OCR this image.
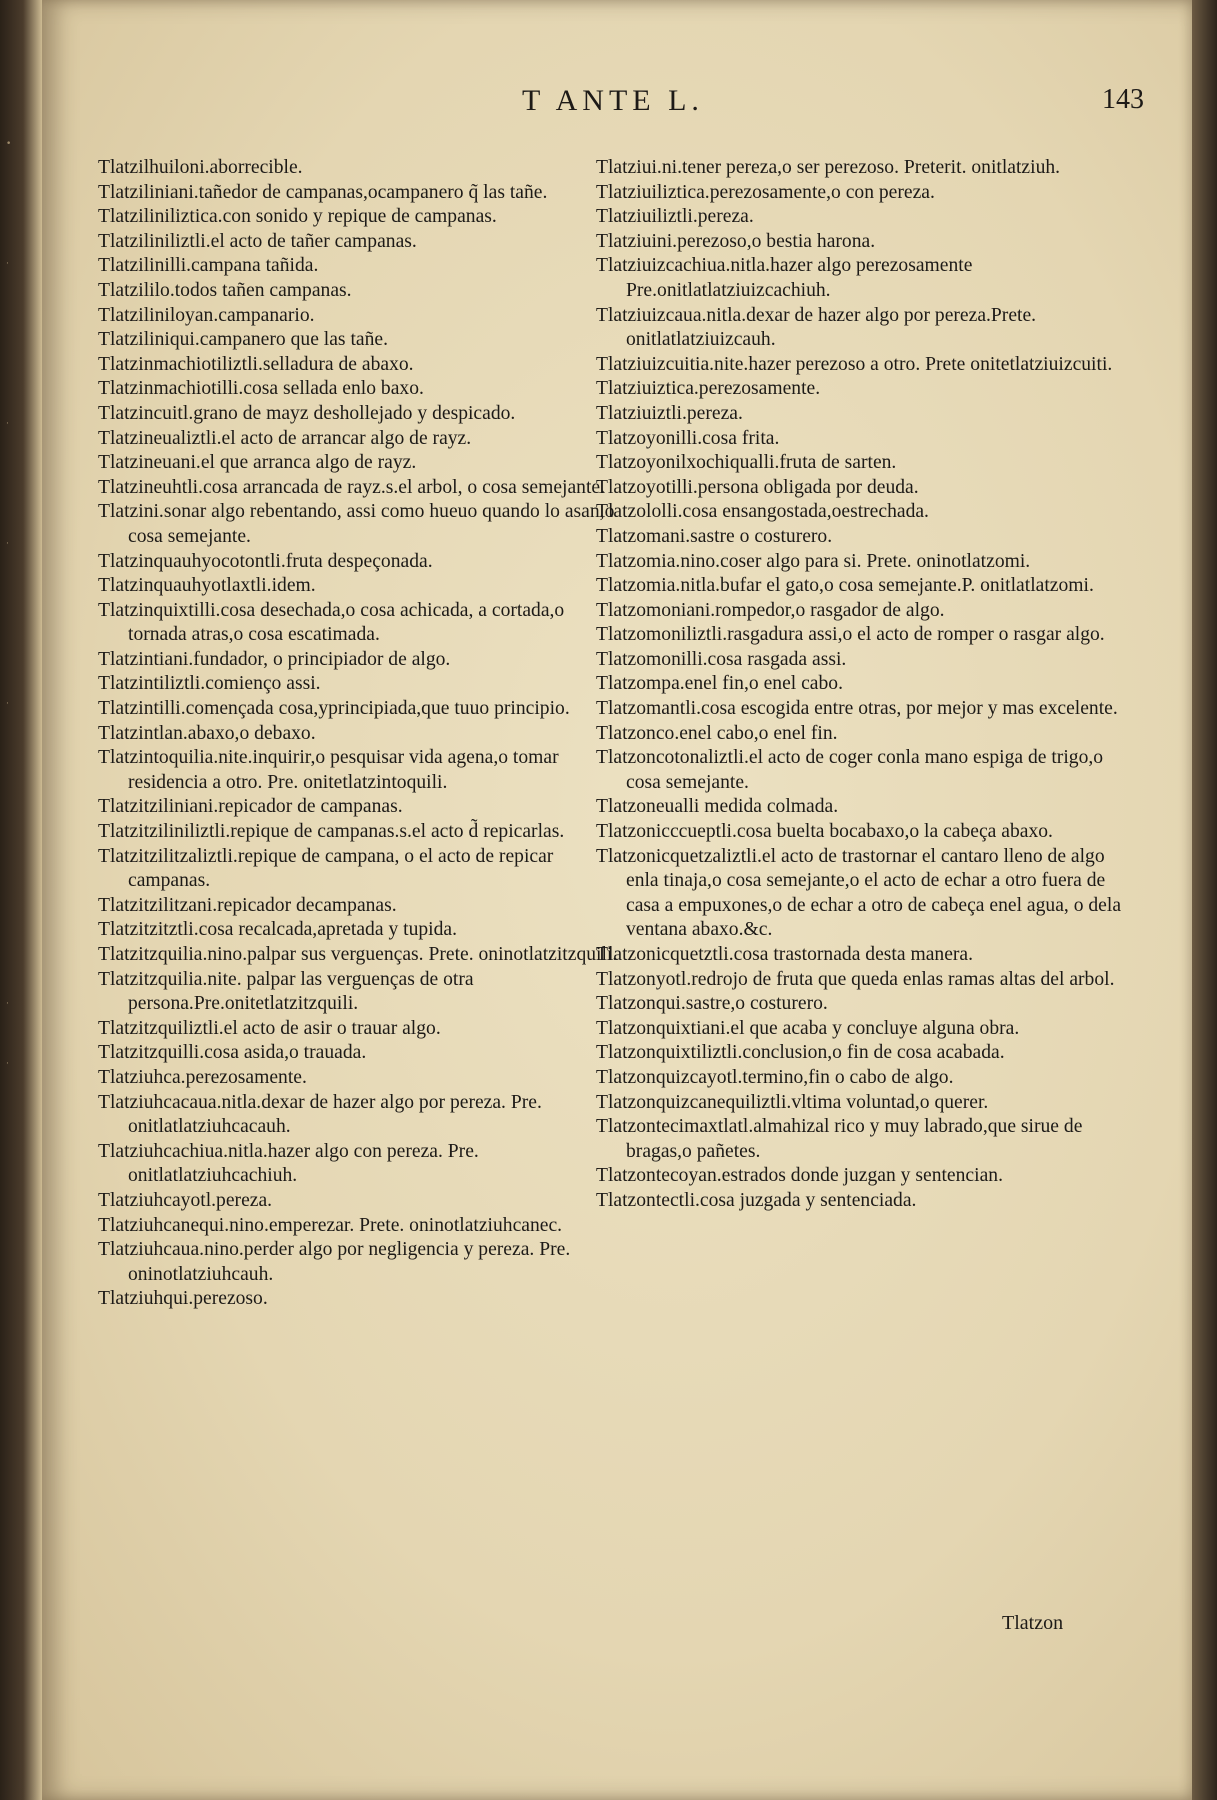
•
·
·
·
·
·
·
T ANTE L.	143

Tlatzilhuiloni.aborrecible.

Tlatziliniani.tañedor de campanas,ocampanero q̃ las tañe.

Tlatziliniliztica.con sonido y repique de campanas.

Tlatziliniliztli.el acto de tañer campanas.

Tlatzilinilli.campana tañida.

Tlatzililo.todos tañen campanas.

Tlatziliniloyan.campanario.

Tlatziliniqui.campanero que las tañe.

Tlatzinmachiotiliztli.selladura de abaxo.

Tlatzinmachiotilli.cosa sellada enlo baxo.

Tlatzincuitl.grano de mayz deshollejado y despicado.

Tlatzineualiztli.el acto de arrancar algo de rayz.

Tlatzineuani.el que arranca algo de rayz.

Tlatzineuhtli.cosa arrancada de rayz.s.el arbol, o cosa semejante.

Tlatzini.sonar algo rebentando, assi como hueuo quando lo asan,o cosa semejante.

Tlatzinquauhyocotontli.fruta despeçonada.

Tlatzinquauhyotlaxtli.idem.

Tlatzinquixtilli.cosa desechada,o cosa achicada, a cortada,o tornada atras,o cosa escatimada.

Tlatzintiani.fundador, o principiador de algo.

Tlatzintiliztli.comienço assi.

Tlatzintilli.començada cosa,yprincipiada,que tuuo principio.

Tlatzintlan.abaxo,o debaxo.

Tlatzintoquilia.nite.inquirir,o pesquisar vida agena,o tomar residencia a otro. Pre. onitetlatzintoquili.

Tlatzitziliniani.repicador de campanas.

Tlatzitziliniliztli.repique de campanas.s.el acto d̃ repicarlas.

Tlatzitzilitzaliztli.repique de campana, o el acto de repicar campanas.

Tlatzitzilitzani.repicador decampanas.

Tlatzitzitztli.cosa recalcada,apretada y tupida.

Tlatzitzquilia.nino.palpar sus verguenças. Prete. oninotlatzitzquili.

Tlatzitzquilia.nite. palpar las verguenças de otra persona.Pre.onitetlatzitzquili.

Tlatzitzquiliztli.el acto de asir o trauar algo.

Tlatzitzquilli.cosa asida,o trauada.

Tlatziuhca.perezosamente.

Tlatziuhcacaua.nitla.dexar de hazer algo por pereza. Pre. onitlatlatziuhcacauh.

Tlatziuhcachiua.nitla.hazer algo con pereza. Pre. onitlatlatziuhcachiuh.

Tlatziuhcayotl.pereza.

Tlatziuhcanequi.nino.emperezar. Prete. oninotlatziuhcanec.

Tlatziuhcaua.nino.perder algo por negligencia y pereza. Pre. oninotlatziuhcauh.

Tlatziuhqui.perezoso.

Tlatziui.ni.tener pereza,o ser perezoso. Preterit. onitlatziuh.

Tlatziuiliztica.perezosamente,o con pereza.

Tlatziuiliztli.pereza.

Tlatziuini.perezoso,o bestia harona.

Tlatziuizcachiua.nitla.hazer algo perezosamente Pre.onitlatlatziuizcachiuh.

Tlatziuizcaua.nitla.dexar de hazer algo por pereza.Prete. onitlatlatziuizcauh.

Tlatziuizcuitia.nite.hazer perezoso a otro. Prete onitetlatziuizcuiti.

Tlatziuiztica.perezosamente.

Tlatziuiztli.pereza.

Tlatzoyonilli.cosa frita.

Tlatzoyonilxochiqualli.fruta de sarten.

Tlatzoyotilli.persona obligada por deuda.

Tlatzololli.cosa ensangostada,oestrechada.

Tlatzomani.sastre o costurero.

Tlatzomia.nino.coser algo para si. Prete. oninotlatzomi.

Tlatzomia.nitla.bufar el gato,o cosa semejante.P. onitlatlatzomi.

Tlatzomoniani.rompedor,o rasgador de algo.

Tlatzomoniliztli.rasgadura assi,o el acto de romper o rasgar algo.

Tlatzomonilli.cosa rasgada assi.

Tlatzompa.enel fin,o enel cabo.

Tlatzomantli.cosa escogida entre otras, por mejor y mas excelente.

Tlatzonco.enel cabo,o enel fin.

Tlatzoncotonaliztli.el acto de coger conla mano espiga de trigo,o cosa semejante.

Tlatzoneualli medida colmada.

Tlatzonicccueptli.cosa buelta bocabaxo,o la cabeça abaxo.

Tlatzonicquetzaliztli.el acto de trastornar el cantaro lleno de algo enla tinaja,o cosa semejante,o el acto de echar a otro fuera de casa a empuxones,o de echar a otro de cabeça enel agua, o dela ventana abaxo.&c.

Tlatzonicquetztli.cosa trastornada desta manera.

Tlatzonyotl.redrojo de fruta que queda enlas ramas altas del arbol.

Tlatzonqui.sastre,o costurero.

Tlatzonquixtiani.el que acaba y concluye alguna obra.

Tlatzonquixtiliztli.conclusion,o fin de cosa acabada.

Tlatzonquizcayotl.termino,fin o cabo de algo.

Tlatzonquizcanequiliztli.vltima voluntad,o querer.

Tlatzontecimaxtlatl.almahizal rico y muy labrado,que sirue de bragas,o pañetes.

Tlatzontecoyan.estrados donde juzgan y sentencian.

Tlatzontectli.cosa juzgada y sentenciada.

Tlatzon
